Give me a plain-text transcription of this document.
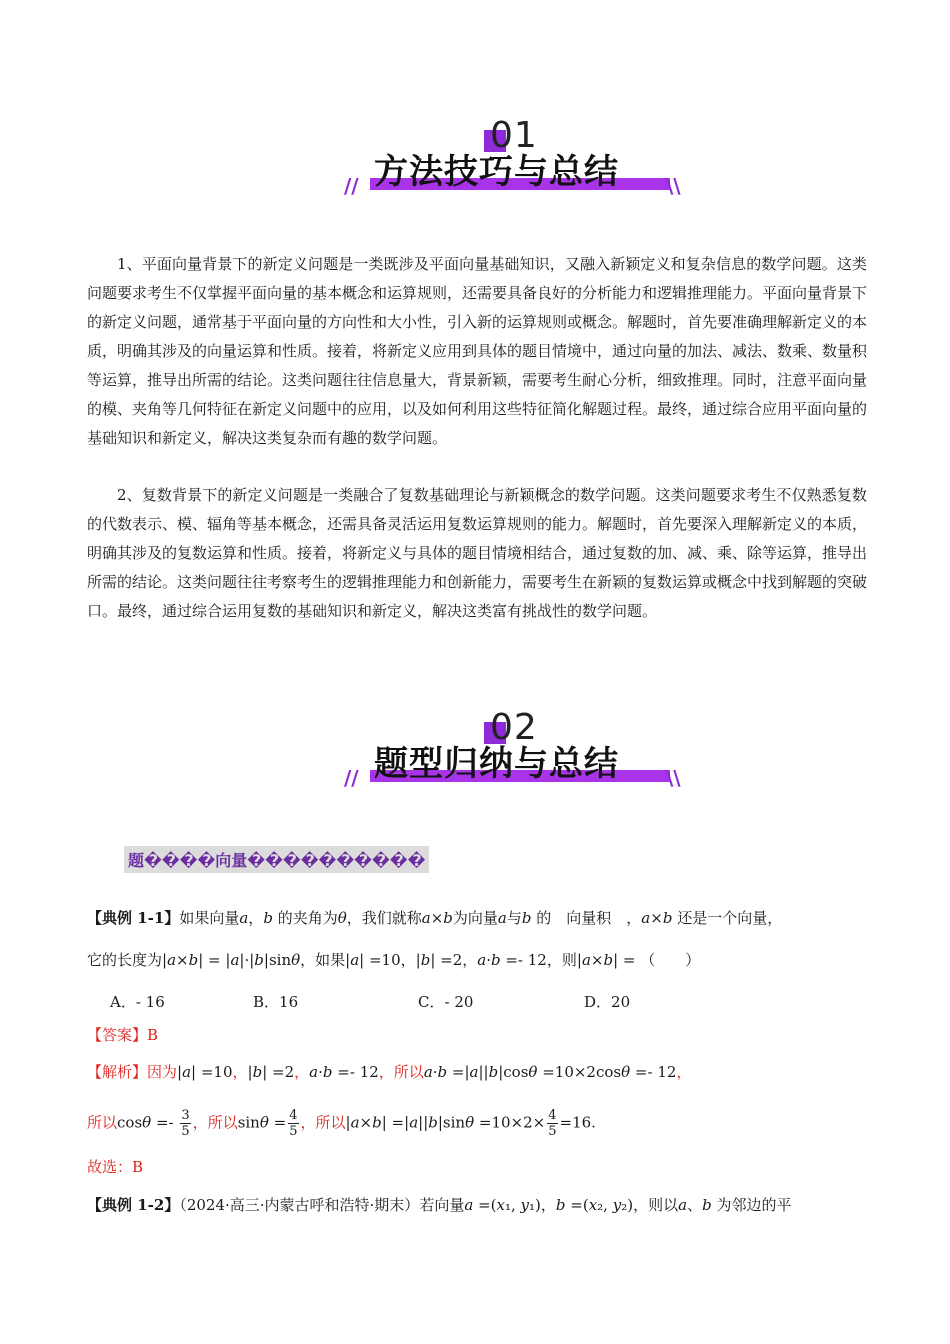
01
方法技巧与总结
//	\\
1、平面向量背景下的新定义问题是一类既涉及平面向量基础知识，又融入新颖定义和复杂信息的数学问题。这类问题要求考生不仅掌握平面向量的基本概念和运算规则，还需要具备良好的分析能力和逻辑推理能力。平面向量背景下的新定义问题，通常基于平面向量的方向性和大小性，引入新的运算规则或概念。解题时，首先要准确理解新定义的本质，明确其涉及的向量运算和性质。接着，将新定义应用到具体的题目情境中，通过向量的加法、减法、数乘、数量积等运算，推导出所需的结论。这类问题往往信息量大，背景新颖，需要考生耐心分析，细致推理。同时，注意平面向量的模、夹角等几何特征在新定义问题中的应用，以及如何利用这些特征简化解题过程。最终，通过综合应用平面向量的基础知识和新定义，解决这类复杂而有趣的数学问题。
2、复数背景下的新定义问题是一类融合了复数基础理论与新颖概念的数学问题。这类问题要求考生不仅熟悉复数的代数表示、模、辐角等基本概念，还需具备灵活运用复数运算规则的能力。解题时，首先要深入理解新定义的本质，明确其涉及的复数运算和性质。接着，将新定义与具体的题目情境相结合，通过复数的加、减、乘、除等运算，推导出所需的结论。这类问题往往考察考生的逻辑推理能力和创新能力，需要考生在新颖的复数运算或概念中找到解题的突破口。最终，通过综合运用复数的基础知识和新定义，解决这类富有挑战性的数学问题。
02
题型归纳与总结
//	\\
题����向量����������
【典例 1-1】如果向量a，b 的夹角为θ，我们就称a×b为向量a与b 的　向量积　，a×b 还是一个向量，
它的长度为|a×b| = |a|·|b|sinθ，如果|a| =10，|b| =2，a·b =- 12，则|a×b| = （　　）
A．- 16	B．16	C．- 20	D．20
【答案】B
【解析】因为|a| =10，|b| =2，a·b =- 12，所以a·b =|a||b|cosθ =10×2cosθ =- 12，
所以$\cos\theta =- \frac{3}{5}$ ，所以$\sin\theta = \frac{4}{5}$ ，所以$|a\times b| =|a||b|\sin\theta =10\times 2\times \frac{4}{5} =16$.
故选：B
【典例 1-2】（2024·高三·内蒙古呼和浩特·期末）若向量a =(x₁, y₁)，b =(x₂, y₂)，则以a、b 为邻边的平
